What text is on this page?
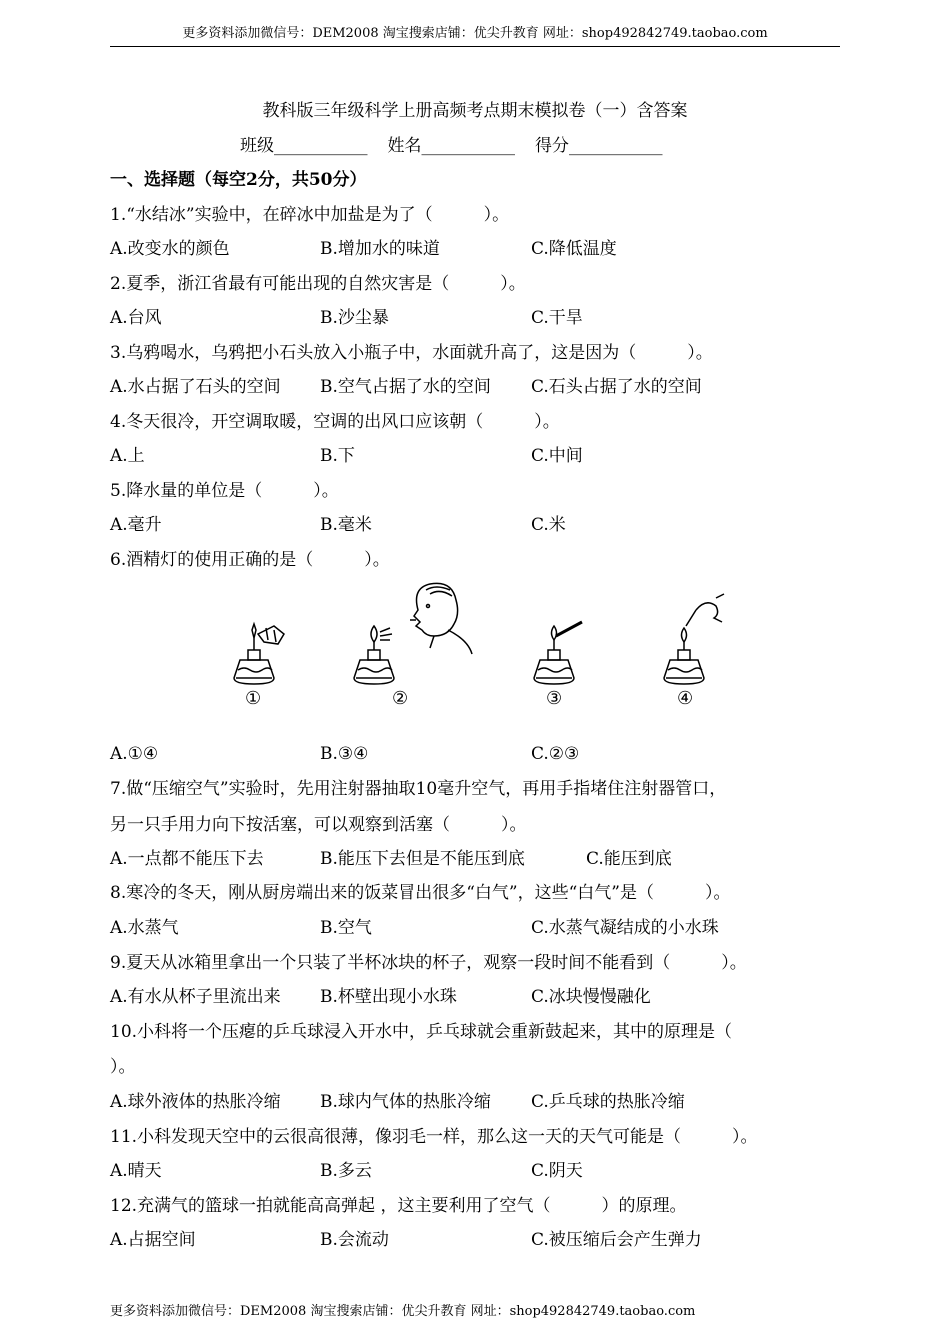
更多资料添加微信号：DEM2008 淘宝搜索店铺：优尖升教育 网址：shop492842749.taobao.com
教科版三年级科学上册高频考点期末模拟卷（一）含答案
班级___________ 姓名___________ 得分___________
一、选择题（每空2分，共50分）
1.“水结冰”实验中，在碎冰中加盐是为了（　　　）。
A.改变水的颜色	B.增加水的味道	C.降低温度
2.夏季，浙江省最有可能出现的自然灾害是（　　　）。
A.台风	B.沙尘暴	C.干旱
3.乌鸦喝水，乌鸦把小石头放入小瓶子中，水面就升高了，这是因为（　　　）。
A.水占据了石头的空间 B.空气占据了水的空间 C.石头占据了水的空间
4.冬天很冷，开空调取暖，空调的出风口应该朝（　　　）。
A.上	B.下	C.中间
5.降水量的单位是（　　　）。
A.毫升	B.毫米	C.米
6.酒精灯的使用正确的是（　　　）。
①	②	③	④
A.①④	B.③④	C.②③
7.做“压缩空气”实验时，先用注射器抽取10毫升空气，再用手指堵住注射器管口，
另一只手用力向下按活塞，可以观察到活塞（　　　）。
A.一点都不能压下去	B.能压下去但是不能压到底	C.能压到底
8.寒冷的冬天，刚从厨房端出来的饭菜冒出很多“白气”，这些“白气”是（　　　）。
A.水蒸气	B.空气	C.水蒸气凝结成的小水珠
9.夏天从冰箱里拿出一个只装了半杯冰块的杯子，观察一段时间不能看到（　　　）。
A.有水从杯子里流出来 B.杯壁出现小水珠	C.冰块慢慢融化
10.小科将一个压瘪的乒乓球浸入开水中，乒乓球就会重新鼓起来，其中的原理是（
）。
A.球外液体的热胀冷缩 B.球内气体的热胀冷缩 C.乒乓球的热胀冷缩
11.小科发现天空中的云很高很薄，像羽毛一样，那么这一天的天气可能是（　　　）。
A.晴天	B.多云	C.阴天
12.充满气的篮球一拍就能高高弹起 ，这主要利用了空气（　　　）的原理。
A.占据空间	B.会流动	C.被压缩后会产生弹力
更多资料添加微信号：DEM2008 淘宝搜索店铺：优尖升教育 网址：shop492842749.taobao.com
